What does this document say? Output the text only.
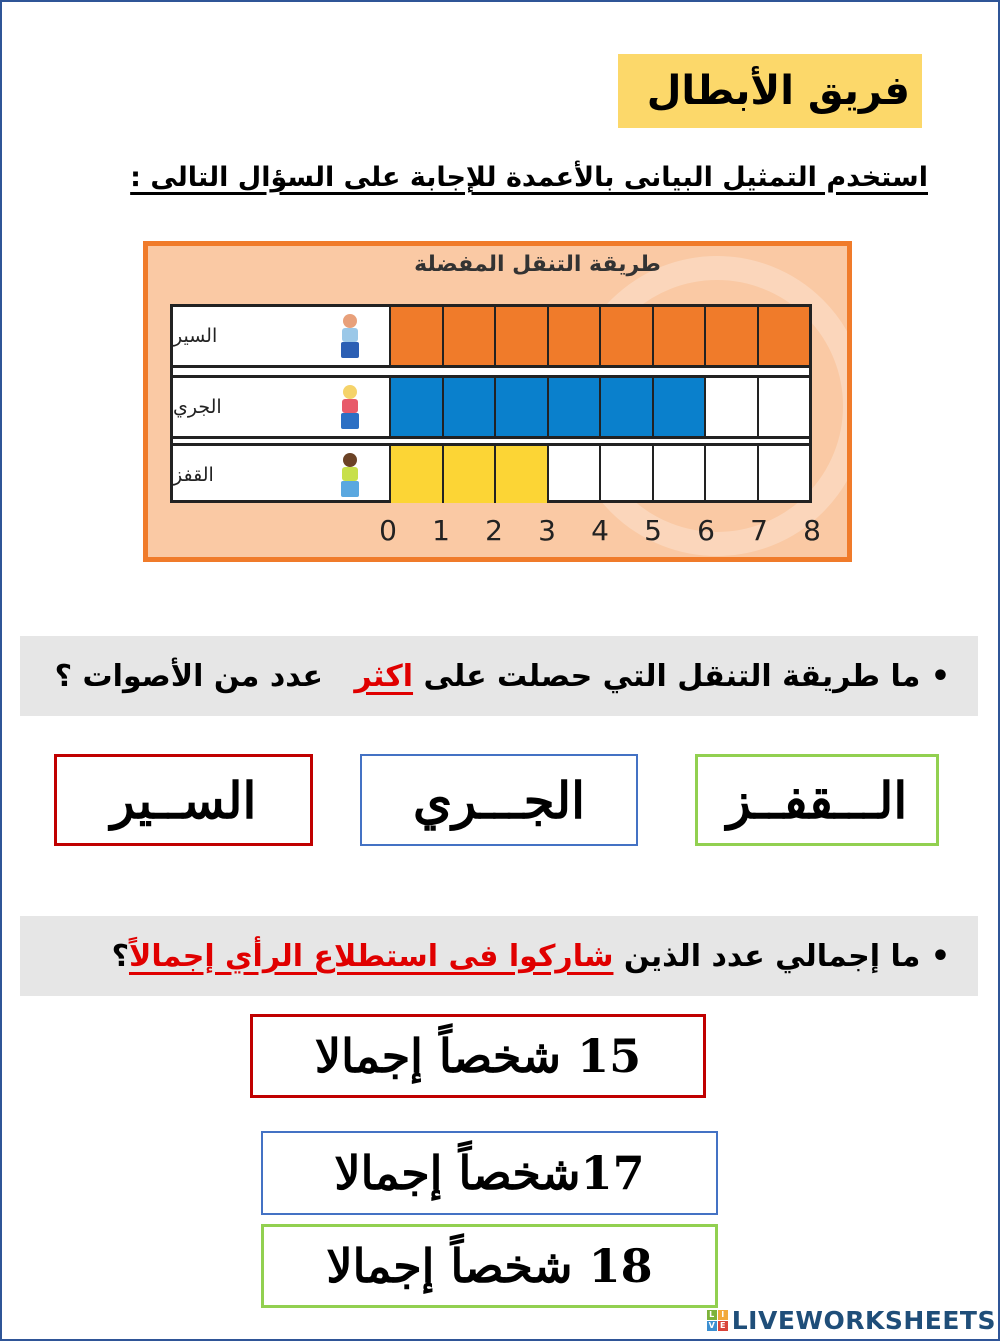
فريق الأبطال
استخدم التمثيل البيانى بالأعمدة للإجابة على السؤال التالى :
طريقة التنقل المفضلة
السير
الجري
القفز
0 1 2 3 4 5 6 7 8
• ما طريقة التنقل التي حصلت على اكثر   عدد من الأصوات ؟
الـــقفــز
الجـــري
الســير
• ما إجمالي عدد الذين شاركوا فى استطلاع الرأي إجمالاً؟
15 شخصاً إجمالا
17شخصاً إجمالا
18 شخصاً إجمالا
L I
V E LIVEWORKSHEETS
